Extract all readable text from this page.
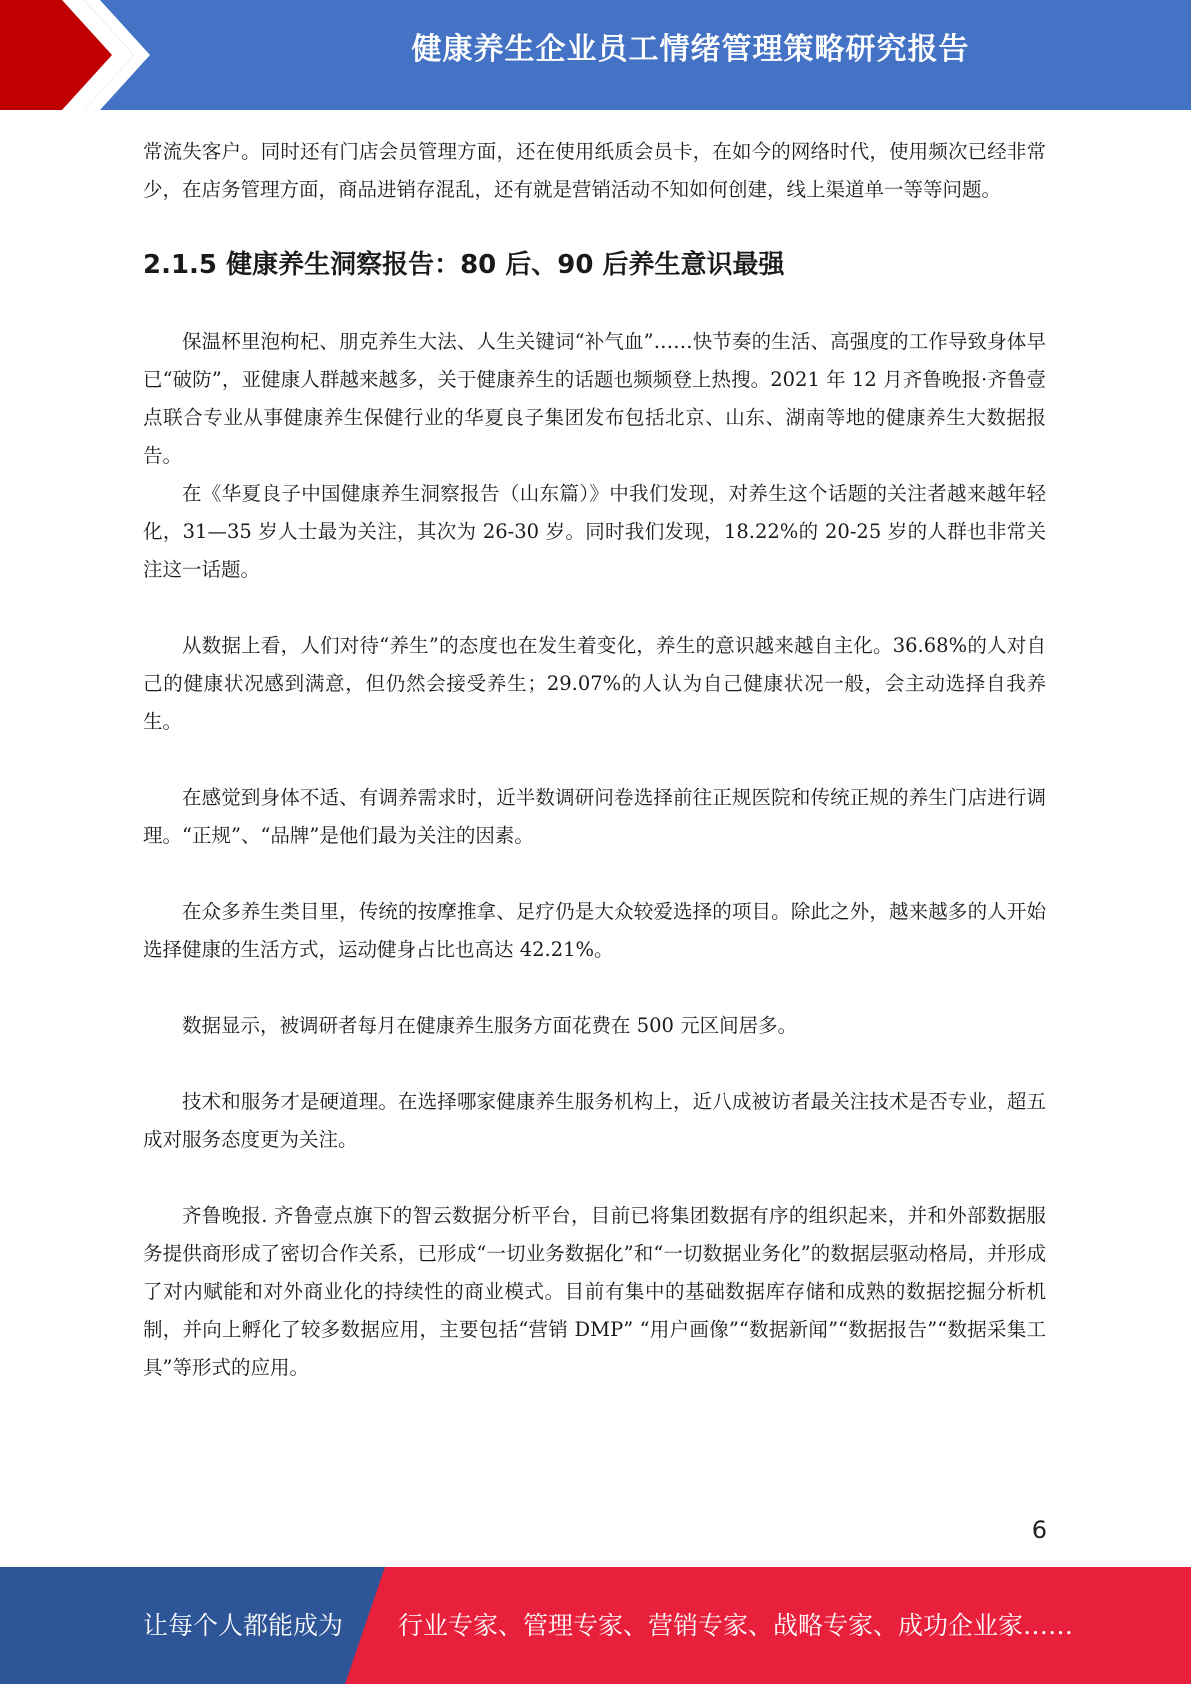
健康养生企业员工情绪管理策略研究报告

常流失客户。同时还有门店会员管理方面，还在使用纸质会员卡，在如今的网络时代，使用频次已经非常少，在店务管理方面，商品进销存混乱，还有就是营销活动不知如何创建，线上渠道单一等等问题。

2.1.5 健康养生洞察报告：80 后、90 后养生意识最强

保温杯里泡枸杞、朋克养生大法、人生关键词“补气血”……快节奏的生活、高强度的工作导致身体早已“破防”，亚健康人群越来越多，关于健康养生的话题也频频登上热搜。2021 年 12 月齐鲁晚报·齐鲁壹点联合专业从事健康养生保健行业的华夏良子集团发布包括北京、山东、湖南等地的健康养生大数据报告。

在《华夏良子中国健康养生洞察报告（山东篇）》中我们发现，对养生这个话题的关注者越来越年轻化，31—35 岁人士最为关注，其次为 26-30 岁。同时我们发现，18.22%的 20-25 岁的人群也非常关注这一话题。

从数据上看，人们对待“养生”的态度也在发生着变化，养生的意识越来越自主化。36.68%的人对自己的健康状况感到满意，但仍然会接受养生；29.07%的人认为自己健康状况一般，会主动选择自我养生。

在感觉到身体不适、有调养需求时，近半数调研问卷选择前往正规医院和传统正规的养生门店进行调理。“正规”、“品牌”是他们最为关注的因素。

在众多养生类目里，传统的按摩推拿、足疗仍是大众较爱选择的项目。除此之外，越来越多的人开始选择健康的生活方式，运动健身占比也高达 42.21%。

数据显示，被调研者每月在健康养生服务方面花费在 500 元区间居多。

技术和服务才是硬道理。在选择哪家健康养生服务机构上，近八成被访者最关注技术是否专业，超五成对服务态度更为关注。

齐鲁晚报. 齐鲁壹点旗下的智云数据分析平台，目前已将集团数据有序的组织起来，并和外部数据服务提供商形成了密切合作关系，已形成“一切业务数据化”和“一切数据业务化”的数据层驱动格局，并形成了对内赋能和对外商业化的持续性的商业模式。目前有集中的基础数据库存储和成熟的数据挖掘分析机制，并向上孵化了较多数据应用，主要包括“营销 DMP” “用户画像”“数据新闻”“数据报告”“数据采集工具”等形式的应用。

6
让每个人都能成为 行业专家、管理专家、营销专家、战略专家、成功企业家……
